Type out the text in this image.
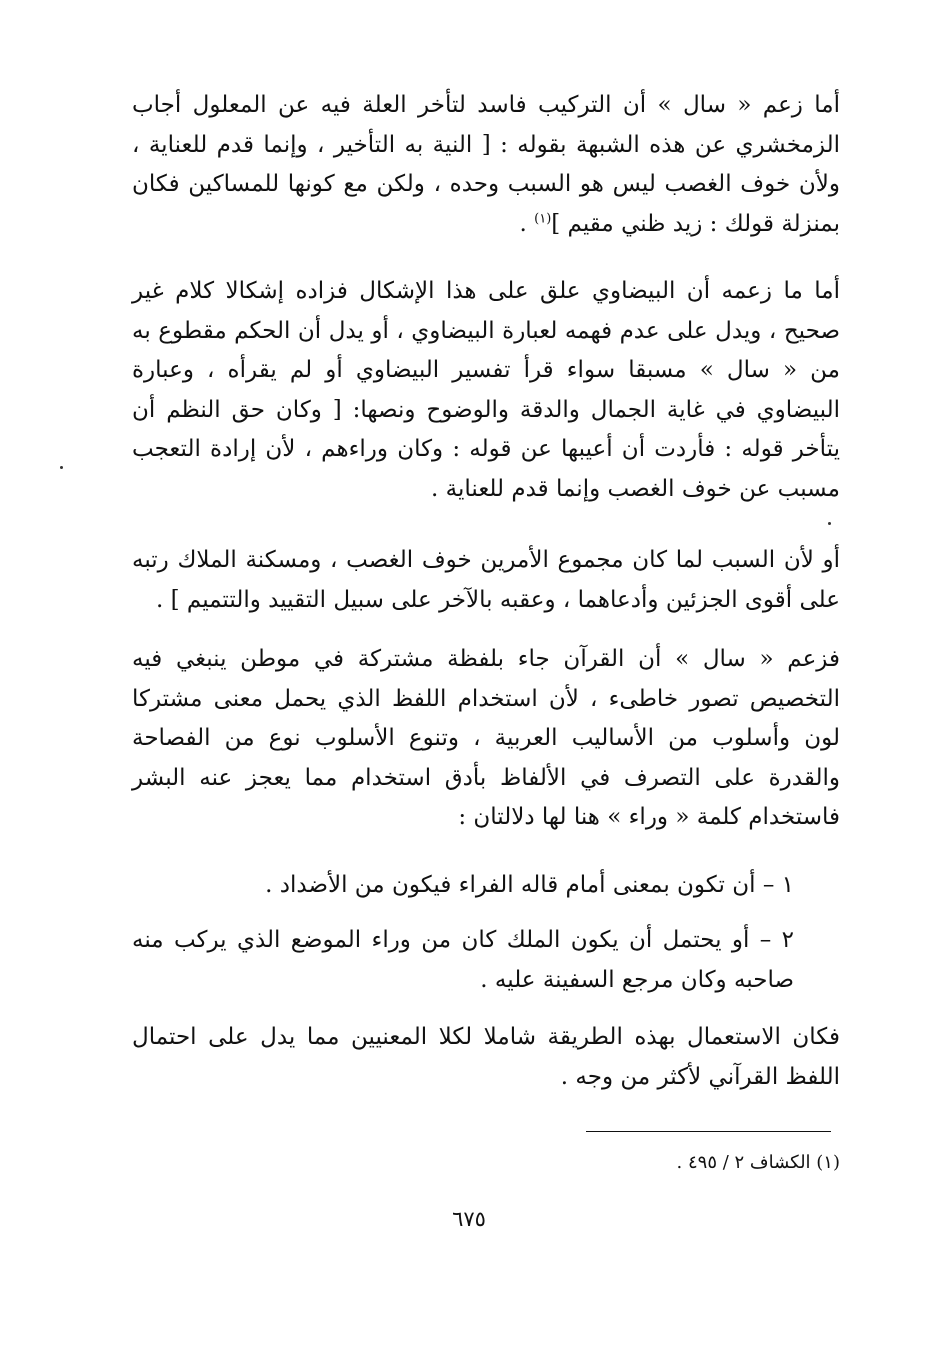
أما زعم « سال » أن التركيب فاسد لتأخر العلة فيه عن المعلول أجاب الزمخشري عن هذه الشبهة بقوله : [ النية به التأخير ، وإنما قدم للعناية ، ولأن خوف الغصب ليس هو السبب وحده ، ولكن مع كونها للمساكين فكان بمنزلة قولك : زيد ظني مقيم ]$^{(١)}$ .
أما ما زعمه أن البيضاوي علق على هذا الإشكال فزاده إشكالا كلام غير صحيح ، ويدل على عدم فهمه لعبارة البيضاوي ، أو يدل أن الحكم مقطوع به من « سال » مسبقا سواء قرأ تفسير البيضاوي أو لم يقرأه ، وعبارة البيضاوي في غاية الجمال والدقة والوضوح ونصها: [ وكان حق النظم أن يتأخر قوله : فأردت أن أعيبها عن قوله : وكان وراءهم ، لأن إرادة التعجب مسبب عن خوف الغصب وإنما قدم للعناية .
أو لأن السبب لما كان مجموع الأمرين خوف الغصب ، ومسكنة الملاك رتبه على أقوى الجزئين وأدعاهما ، وعقبه بالآخر على سبيل التقييد والتتميم ] .
فزعم « سال » أن القرآن جاء بلفظة مشتركة في موطن ينبغي فيه التخصيص تصور خاطىء ، لأن استخدام اللفظ الذي يحمل معنى مشتركا لون وأسلوب من الأساليب العربية ، وتنوع الأسلوب نوع من الفصاحة والقدرة على التصرف في الألفاظ بأدق استخدام مما يعجز عنه البشر فاستخدام كلمة « وراء » هنا لها دلالتان :
١ – أن تكون بمعنى أمام قاله الفراء فيكون من الأضداد .
٢ – أو يحتمل أن يكون الملك كان من وراء الموضع الذي يركب منه صاحبه وكان مرجع السفينة عليه .
فكان الاستعمال بهذه الطريقة شاملا لكلا المعنيين مما يدل على احتمال اللفظ القرآني لأكثر من وجه .
(١) الكشاف ٢ / ٤٩٥ .
٦٧٥
